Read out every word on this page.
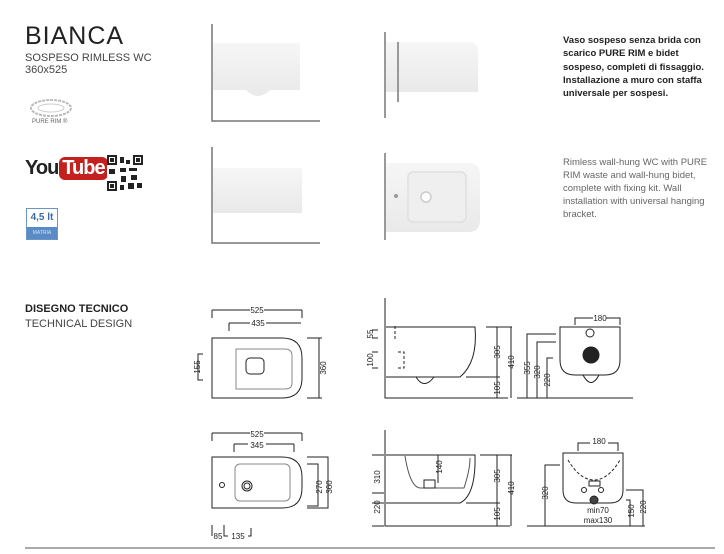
BIANCA
SOSPESO RIMLESS WC
360x525
PURE RIM ®
You Tube
4,5 lt
MATRIA
Vaso sospeso senza brida con scarico PURE RIM e bidet sospeso, completi di fissaggio. Installazione a muro con staffa universale per sospesi.
Rimless wall-hung WC with PURE RIM waste and wall-hung bidet, complete with fixing kit. Wall installation with universal hanging bracket.
DISEGNO TECNICO
TECHNICAL DESIGN
525
435
155	360
55
100
305
410
105
180
355 320
220
525
345
270 360
85 135
310
220
140
305
410
105
180
320
min70
max130
150 220
